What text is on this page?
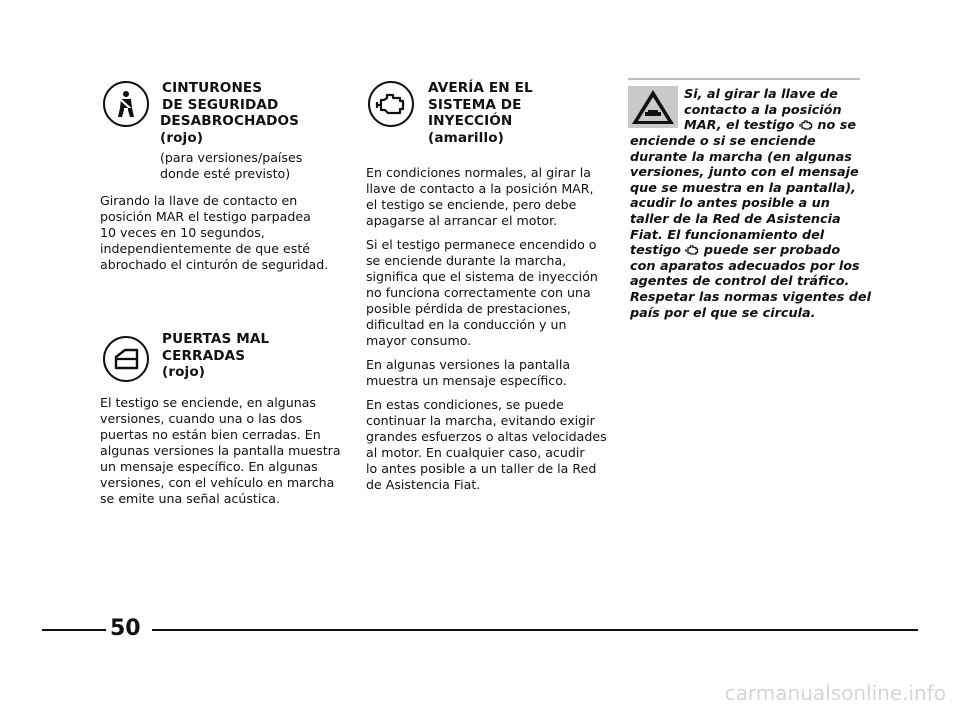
CINTURONES
DE SEGURIDAD
DESABROCHADOS
(rojo)
(para versiones/países
donde esté previsto)
Girando la llave de contacto en
posición MAR el testigo parpadea
10 veces en 10 segundos,
independientemente de que esté
abrochado el cinturón de seguridad.
PUERTAS MAL
CERRADAS
(rojo)
El testigo se enciende, en algunas
versiones, cuando una o las dos
puertas no están bien cerradas. En
algunas versiones la pantalla muestra
un mensaje específico. En algunas
versiones, con el vehículo en marcha
se emite una señal acústica.
AVERÍA EN EL
SISTEMA DE
INYECCIÓN
(amarillo)

En condiciones normales, al girar la
llave de contacto a la posición MAR,
el testigo se enciende, pero debe
apagarse al arrancar el motor.

Si el testigo permanece encendido o
se enciende durante la marcha,
significa que el sistema de inyección
no funciona correctamente con una
posible pérdida de prestaciones,
dificultad en la conducción y un
mayor consumo.

En algunas versiones la pantalla
muestra un mensaje específico.

En estas condiciones, se puede
continuar la marcha, evitando exigir
grandes esfuerzos o altas velocidades
al motor. En cualquier caso, acudir
lo antes posible a un taller de la Red
de Asistencia Fiat.

Si, al girar la llave de
contacto a la posición
MAR, el testigo no se
enciende o si se enciende
durante la marcha (en algunas
versiones, junto con el mensaje
que se muestra en la pantalla),
acudir lo antes posible a un
taller de la Red de Asistencia
Fiat. El funcionamiento del
testigo puede ser probado
con aparatos adecuados por los
agentes de control del tráfico.
Respetar las normas vigentes del
país por el que se circula.
50
carmanualsonline.info
